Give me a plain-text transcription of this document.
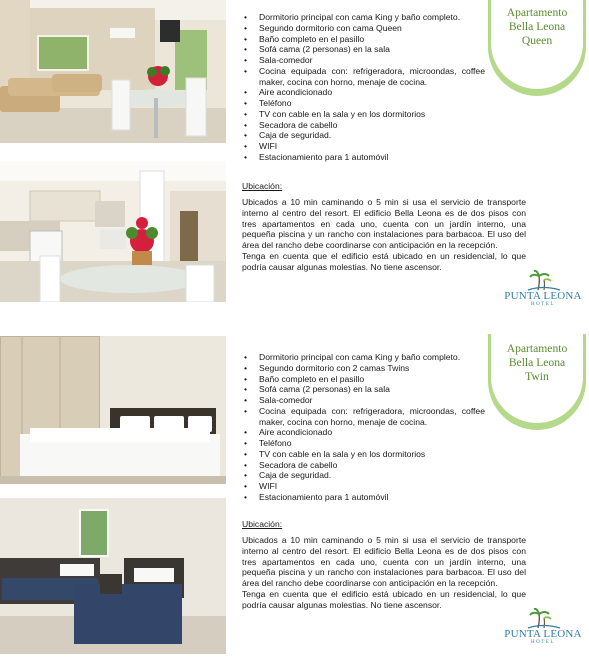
• Dormitorio principal con cama King y baño completo.
• Segundo dormitorio con cama Queen
• Baño completo en el pasillo
• Sofá cama (2 personas) en la sala
• Sala-comedor
• Cocina equipada con: refrigeradora, microondas, coffee maker, cocina con horno, menaje de cocina.
• Aire acondicionado
• Teléfono
• TV con cable en la sala y en los dormitorios
• Secadora de cabello
• Caja de seguridad.
• WIFI
• Estacionamiento para 1 automóvil
Apartamento
Bella Leona
Queen
Ubicación:

Ubicados a 10 min caminando o 5 min si usa el servicio de transporte interno al centro del resort. El edificio Bella Leona es de dos pisos con tres apartamentos en cada uno, cuenta con un jardín interno, una pequeña piscina y un rancho con instalaciones para barbacoa. El uso del área del rancho debe coordinarse con anticipación en la recepción.

Tenga en cuenta que el edificio está ubicado en un residencial, lo que podría causar algunas molestias. No tiene ascensor.

PUNTA LEONA
HOTEL
• Dormitorio principal con cama King y baño completo.
• Segundo dormitorio con 2 camas Twins
• Baño completo en el pasillo
• Sofá cama (2 personas) en la sala
• Sala-comedor
• Cocina equipada con: refrigeradora, microondas, coffee maker, cocina con horno, menaje de cocina.
• Aire acondicionado
• Teléfono
• TV con cable en la sala y en los dormitorios
• Secadora de cabello
• Caja de seguridad.
• WIFI
• Estacionamiento para 1 automóvil
Apartamento
Bella Leona
Twin
Ubicación:

Ubicados a 10 min caminando o 5 min si usa el servicio de transporte interno al centro del resort. El edificio Bella Leona es de dos pisos con tres apartamentos en cada uno, cuenta con un jardín interno, una pequeña piscina y un rancho con instalaciones para barbacoa. El uso del área del rancho debe coordinarse con anticipación en la recepción.

Tenga en cuenta que el edificio está ubicado en un residencial, lo que podría causar algunas molestias. No tiene ascensor.

PUNTA LEONA
HOTEL
